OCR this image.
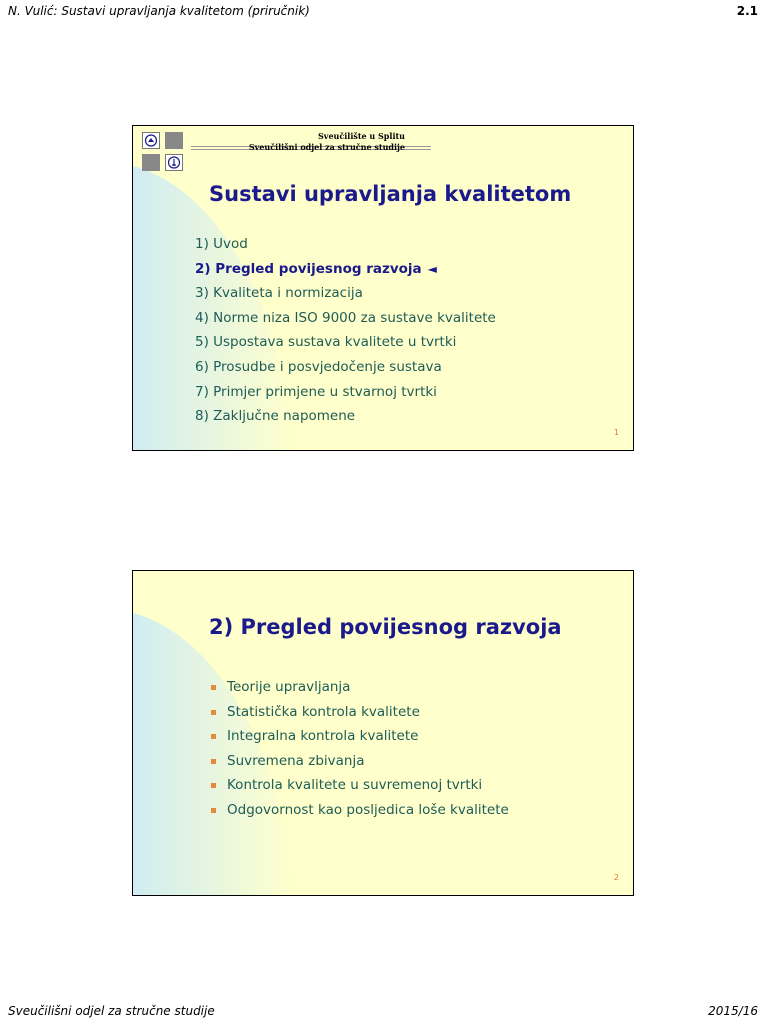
N. Vulić: Sustavi upravljanja kvalitetom (priručnik)	2.1
Sveučilište u Splitu
Sveučilišni odjel za stručne studije
Sustavi upravljanja kvalitetom
1) Uvod
2) Pregled povijesnog razvoja ◄
3) Kvaliteta i normizacija
4) Norme niza ISO 9000 za sustave kvalitete
5) Uspostava sustava kvalitete u tvrtki
6) Prosudbe i posvjedočenje sustava
7) Primjer primjene u stvarnoj tvrtki
8) Zaključne napomene
1
2) Pregled povijesnog razvoja
Teorije upravljanja
Statistička kontrola kvalitete
Integralna kontrola kvalitete
Suvremena zbivanja
Kontrola kvalitete u suvremenoj tvrtki
Odgovornost kao posljedica loše kvalitete
2
Sveučilišni odjel za stručne studije	2015/16
